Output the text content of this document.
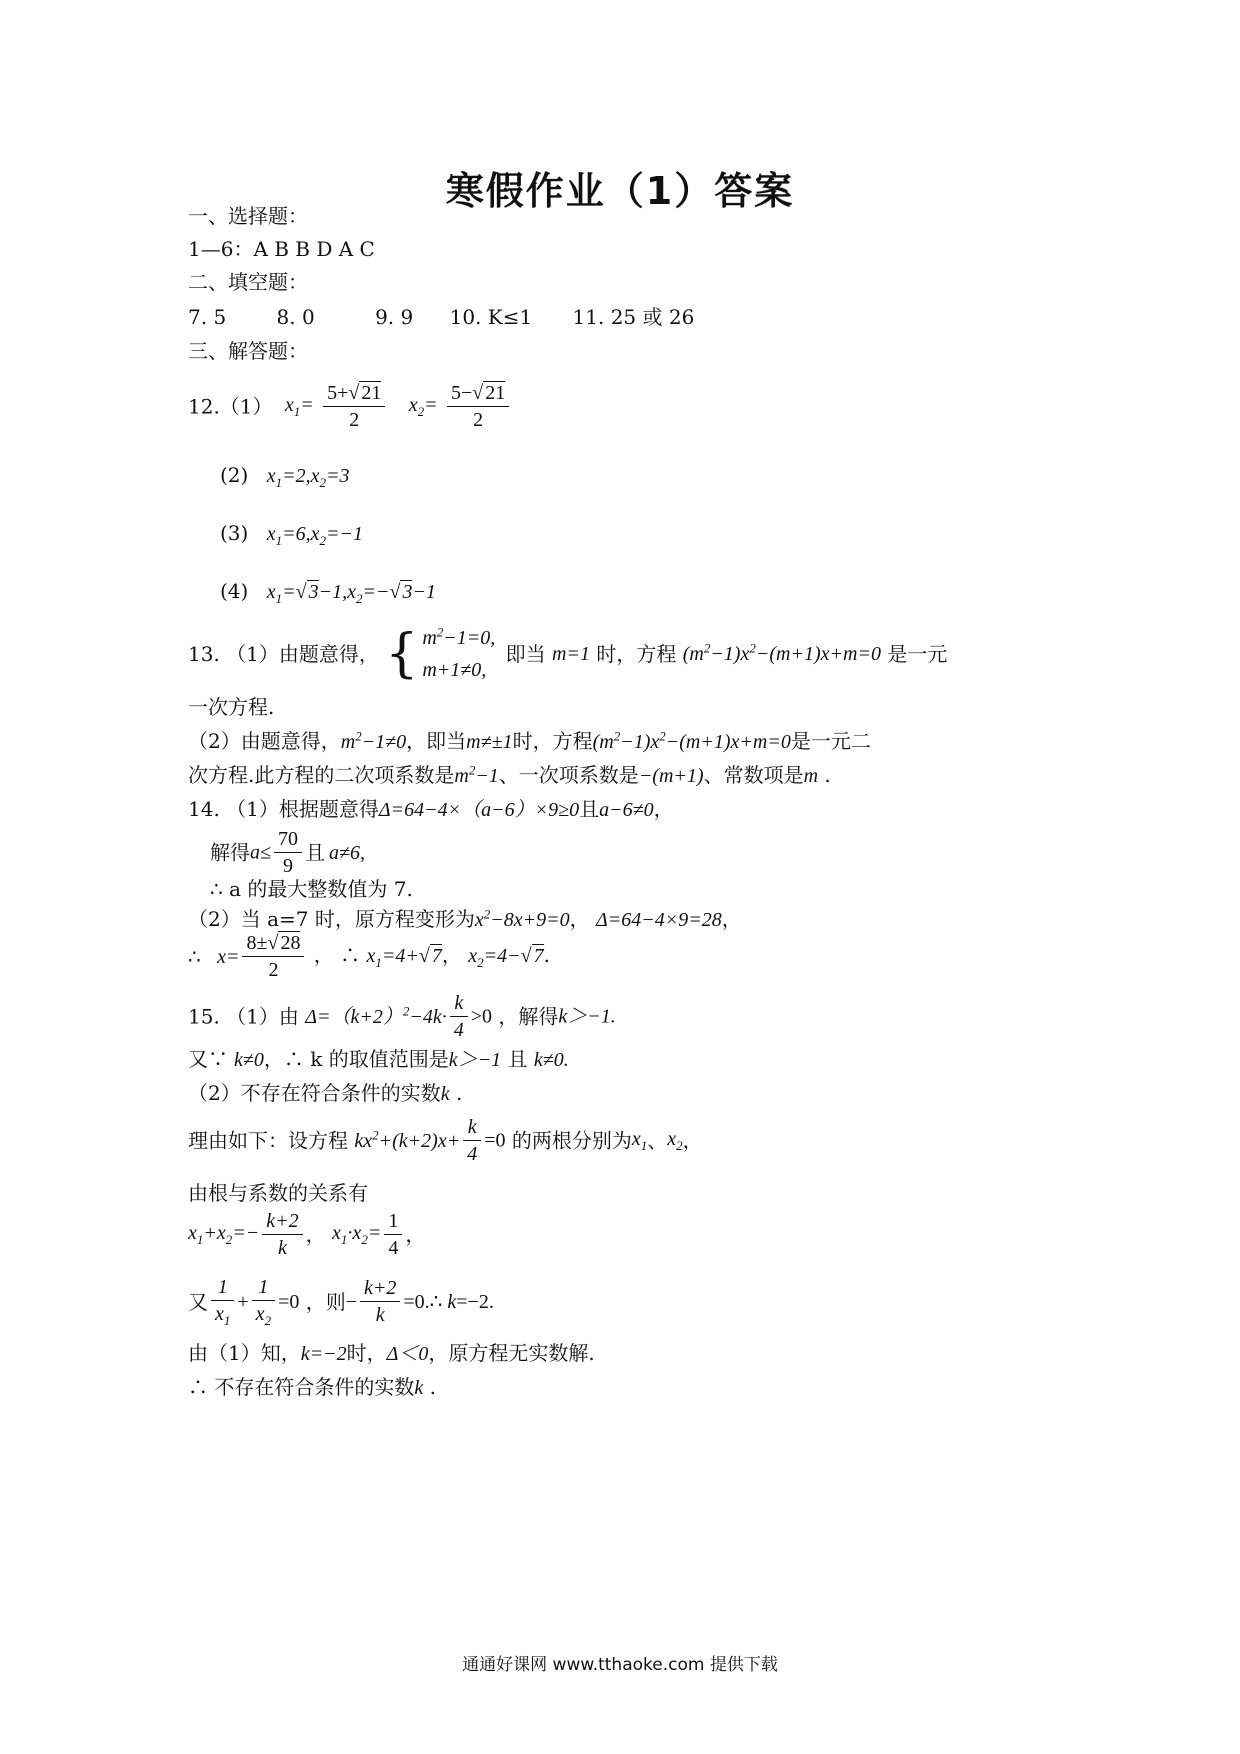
寒假作业（1）答案
一、选择题：
1—6：A B B D A C
二、填空题：
7. 5	8. 0	9. 9 10. K≤1 11. 25 或 26
三、解答题：
12.（1） $x_1= \frac{5+√ 21}{2} x_2= \frac{5-√ 21}{2}$
(2) $x_1=2,x_2=3$
(3) $x_1=6,x_2=-1$
(4) $x_1=√$ $3-1,x_2=-√$ 3−1
13. （1）由题意得， { $m^2-1=0$,
m+1≠0,
即当 m=1 时，方程 $(m^2-1)x^2-(m+1)x+m=0$ 是一元
一次方程.
（2）由题意得，$m^2-1\ne 0$，即当m≠±1时，方程$(m^2-1)x^2-(m+1)x+m=0$是一元二
次方程.此方程的二次项系数是$m^2-1$、一次项系数是−(m+1)、常数项是m .
14. （1）根据题意得Δ=64−4×（a−6）×9≥0且a−6≠0，
解得$a\le \frac{70}{9}$ 且 a≠6,
∴ a 的最大整数值为 7.
（2）当 a=7 时，原方程变形为$x^2-8x+9=0$， Δ=64−4×9=28，
∴ $x= \frac{8\pm√ 28}{2}$ ， ∴ $x_1=4+√$ 7， $x_2=4-√$ 7.
15. （1）由 $\Delta=(k+2)^2-4k\cdot \frac{k}{4} >0$ ，解得k＞−1.
又∵ k≠0，∴ k 的取值范围是k＞−1 且 k≠0.
（2）不存在符合条件的实数k .
理由如下：设方程 $kx^2+(k+2)x+ \frac{k}{4} =0$ 的两根分别为$x_1$、$x_2$，
由根与系数的关系有
$x_1+x_2=- \frac{k+2}{k}$ ， $x_1\cdot x_2= \frac{1}{4}$ ，
又 $\frac{1}{x_1} + \frac{1}{x_2} =0$ ，则− $\frac{k+2}{k}$ =0.∴ k=−2.
由（1）知，k=−2时，Δ＜0，原方程无实数解.
∴ 不存在符合条件的实数k .
通通好课网 www.tthaoke.com 提供下载
